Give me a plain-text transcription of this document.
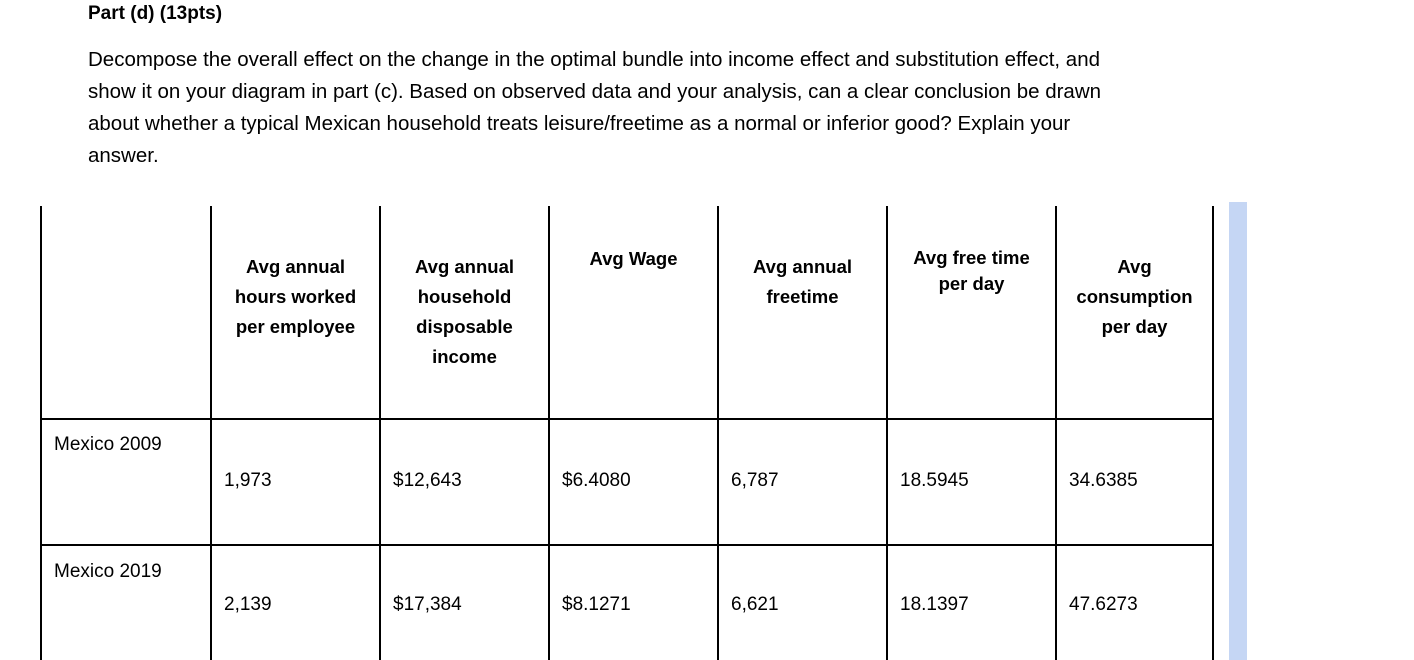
Part (d) (13pts)

Decompose the overall effect on the change in the optimal bundle into income effect and substitution effect, and show it on your diagram in part (c). Based on observed data and your analysis, can a clear conclusion be drawn about whether a typical Mexican household treats leisure/freetime as a normal or inferior good? Explain your answer.

	Avg annual hours worked per employee	Avg annual household disposable income	Avg Wage	Avg annual freetime	Avg free time per day	Avg consumption per day

Mexico 2009	1,973	$12,643	$6.4080	6,787	18.5945	34.6385

Mexico 2019	2,139	$17,384	$8.1271	6,621	18.1397	47.6273
